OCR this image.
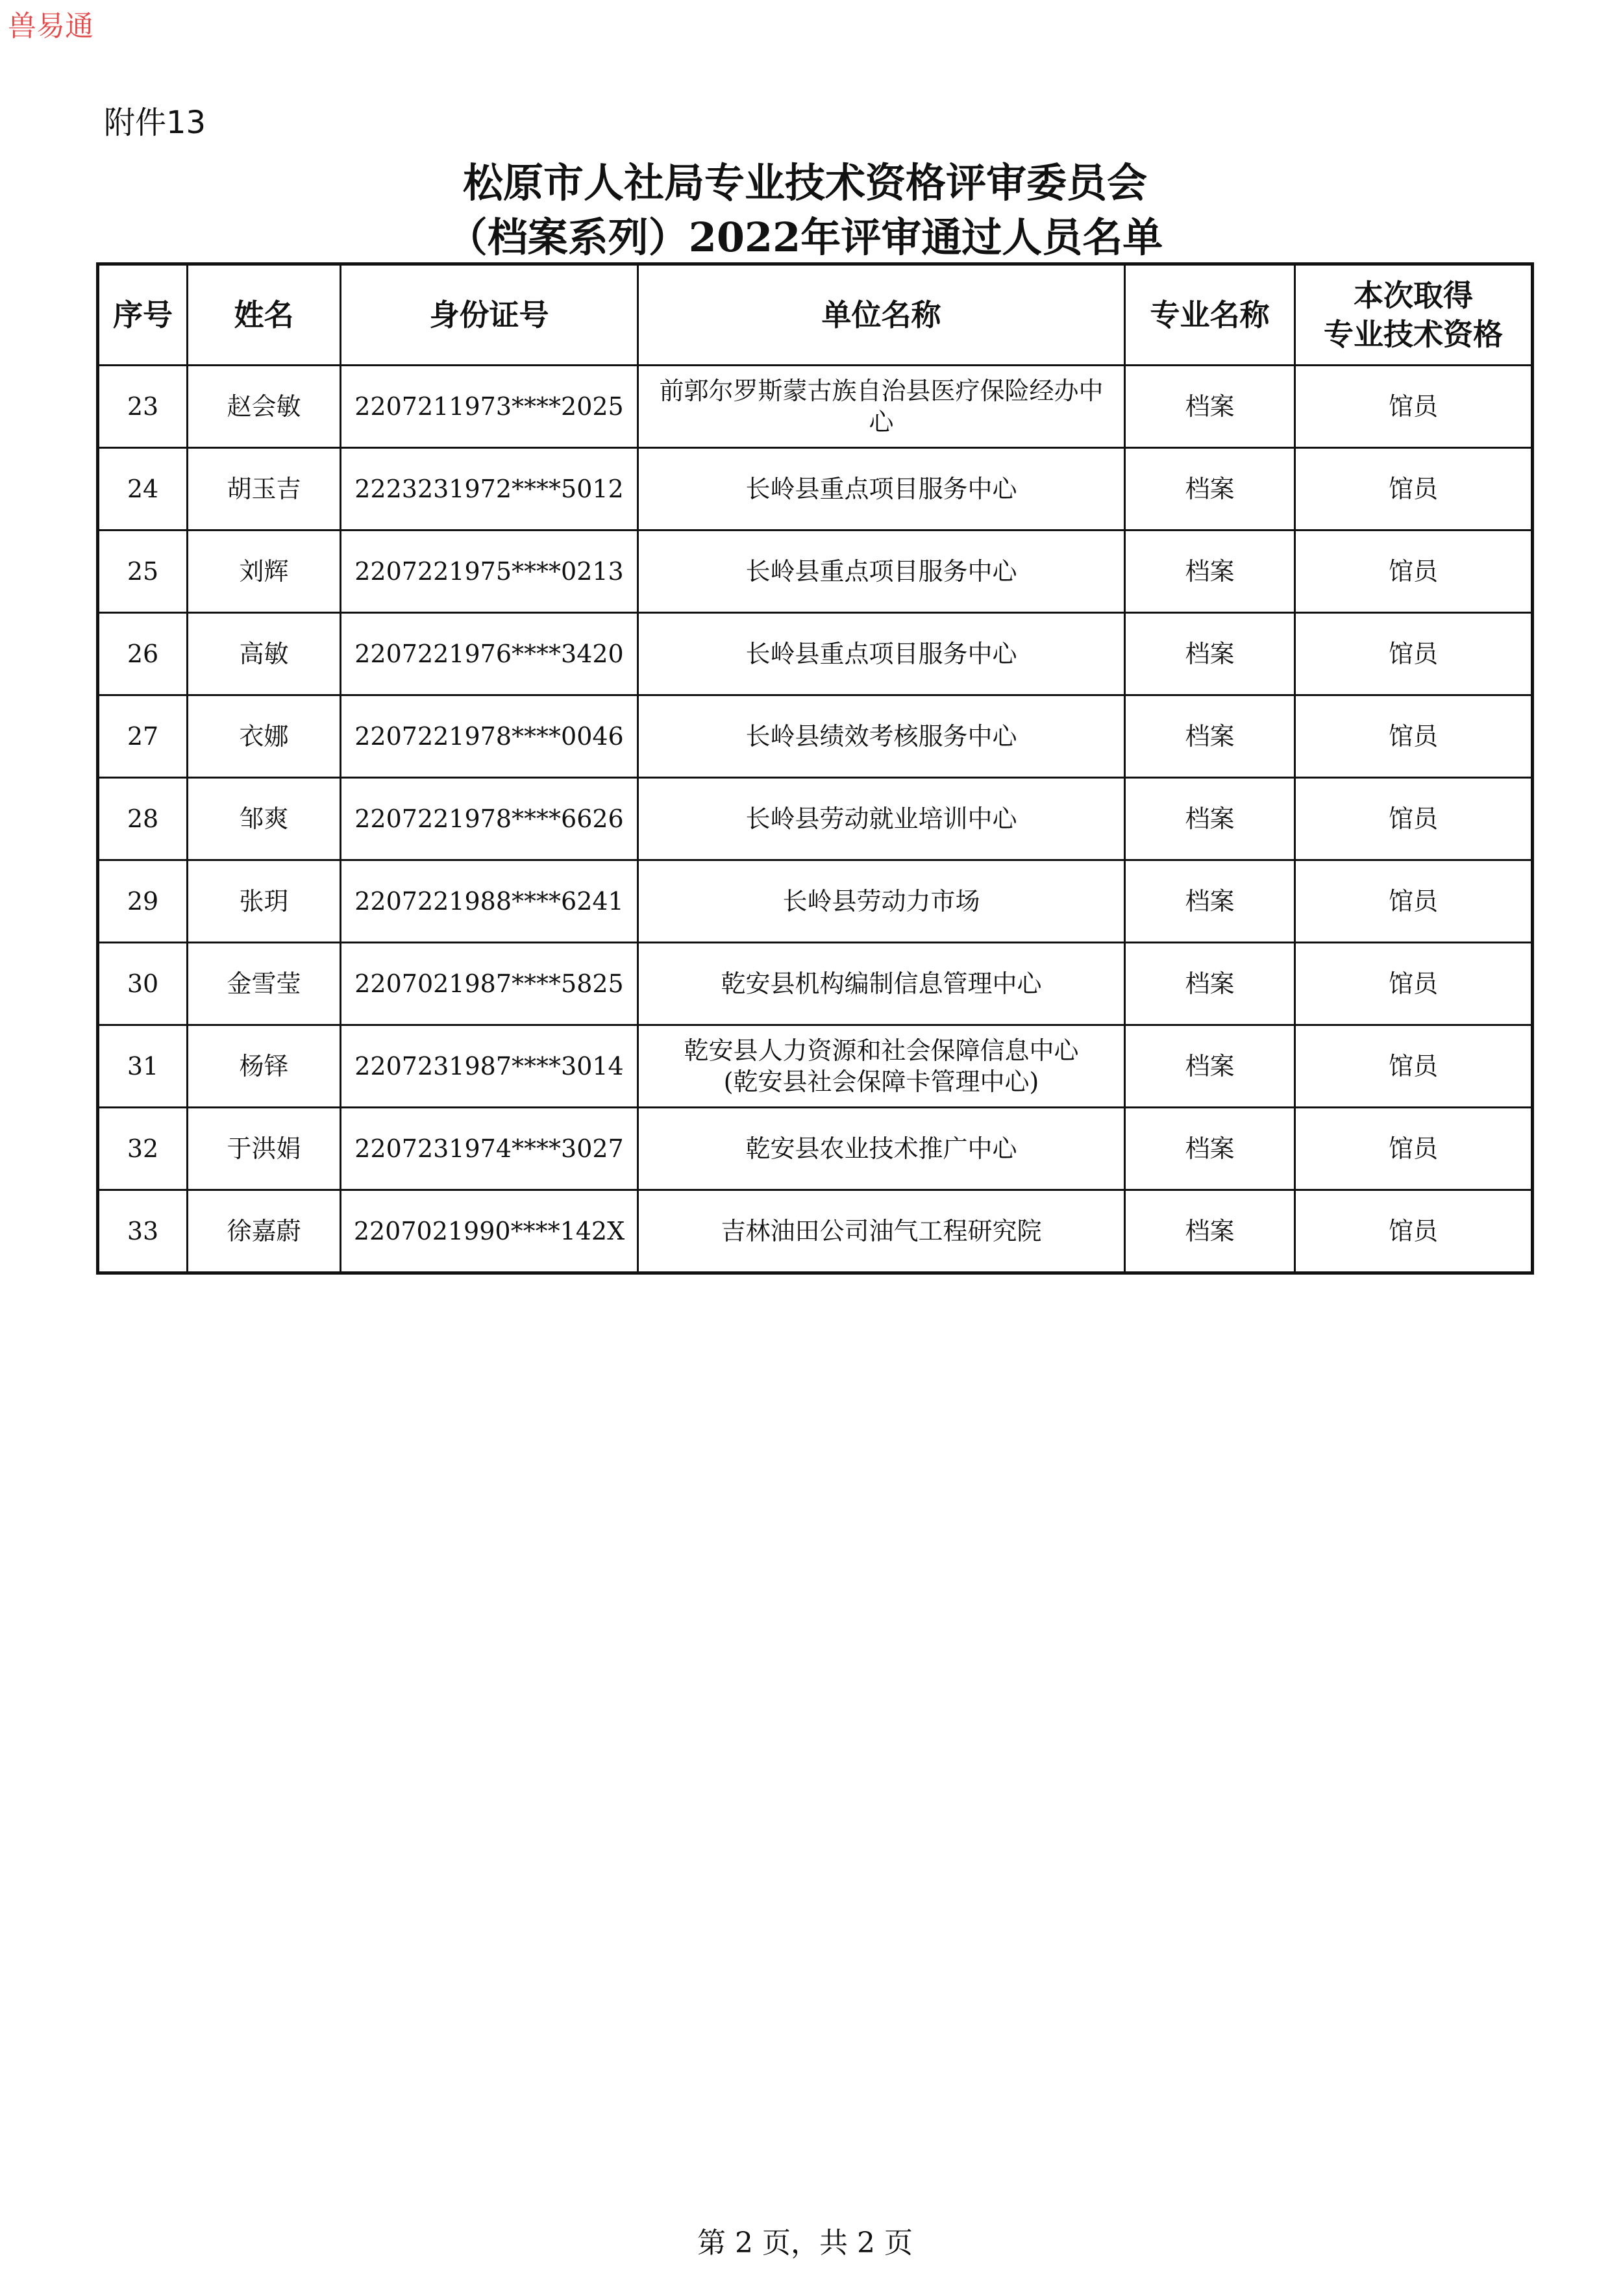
兽易通
附件13
松原市人社局专业技术资格评审委员会
（档案系列）2022年评审通过人员名单
序号	姓名	身份证号	单位名称	专业名称	本次取得
专业技术资格

23	赵会敏	2207211973****2025	前郭尔罗斯蒙古族自治县医疗保险经办中
心	档案	馆员
24	胡玉吉	2223231972****5012	长岭县重点项目服务中心	档案	馆员
25	刘辉	2207221975****0213	长岭县重点项目服务中心	档案	馆员
26	高敏	2207221976****3420	长岭县重点项目服务中心	档案	馆员
27	衣娜	2207221978****0046	长岭县绩效考核服务中心	档案	馆员
28	邹爽	2207221978****6626	长岭县劳动就业培训中心	档案	馆员
29	张玥	2207221988****6241	长岭县劳动力市场	档案	馆员
30	金雪莹	2207021987****5825	乾安县机构编制信息管理中心	档案	馆员
31	杨铎	2207231987****3014	乾安县人力资源和社会保障信息中心
(乾安县社会保障卡管理中心)	档案	馆员
32	于洪娟	2207231974****3027	乾安县农业技术推广中心	档案	馆员
33	徐嘉蔚	2207021990****142X	吉林油田公司油气工程研究院	档案	馆员
第 2 页，共 2 页
